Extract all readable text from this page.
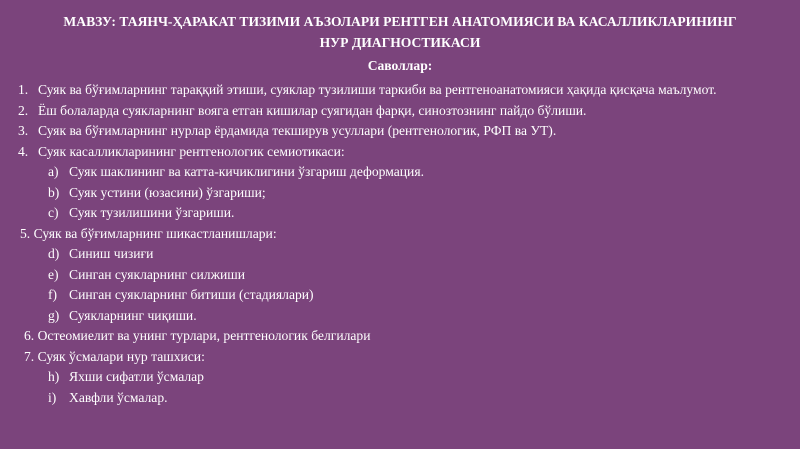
МАВЗУ: ТАЯНЧ-ҲАРАКАТ ТИЗИМИ АЪЗОЛАРИ РЕНТГЕН АНАТОМИЯСИ ВА КАСАЛЛИКЛАРИНИНГ
НУР ДИАГНОСТИКАСИ
Саволлар:
1. Суяк ва бўғимларнинг тараққий этиши, суяклар тузилиши таркиби ва рентгеноанатомияси ҳақида қисқача маълумот.
2. Ёш болаларда суякларнинг вояга етган кишилар суягидан фарқи, синозтознинг пайдо бўлиши.
3. Суяк ва бўғимларнинг нурлар ёрдамида текширув усуллари (рентгенологик, РФП ва УТ).
4. Суяк касалликларининг рентгенологик семиотикаси:
a) Суяк шаклининг ва катта-кичиклигини ўзгариш деформация.
b) Суяк устини (юзасини) ўзгариши;
c) Суяк тузилишини ўзгариши.
5. Суяк ва бўғимларнинг шикастланишлари:
d) Синиш чизиғи
e) Синган суякларнинг силжиши
f) Синган суякларнинг битиши (стадиялари)
g) Суякларнинг чиқиши.
6. Остеомиелит ва унинг турлари, рентгенологик белгилари
7. Суяк ўсмалари нур ташхиси:
h) Яхши сифатли ўсмалар
i) Хавфли ўсмалар.
